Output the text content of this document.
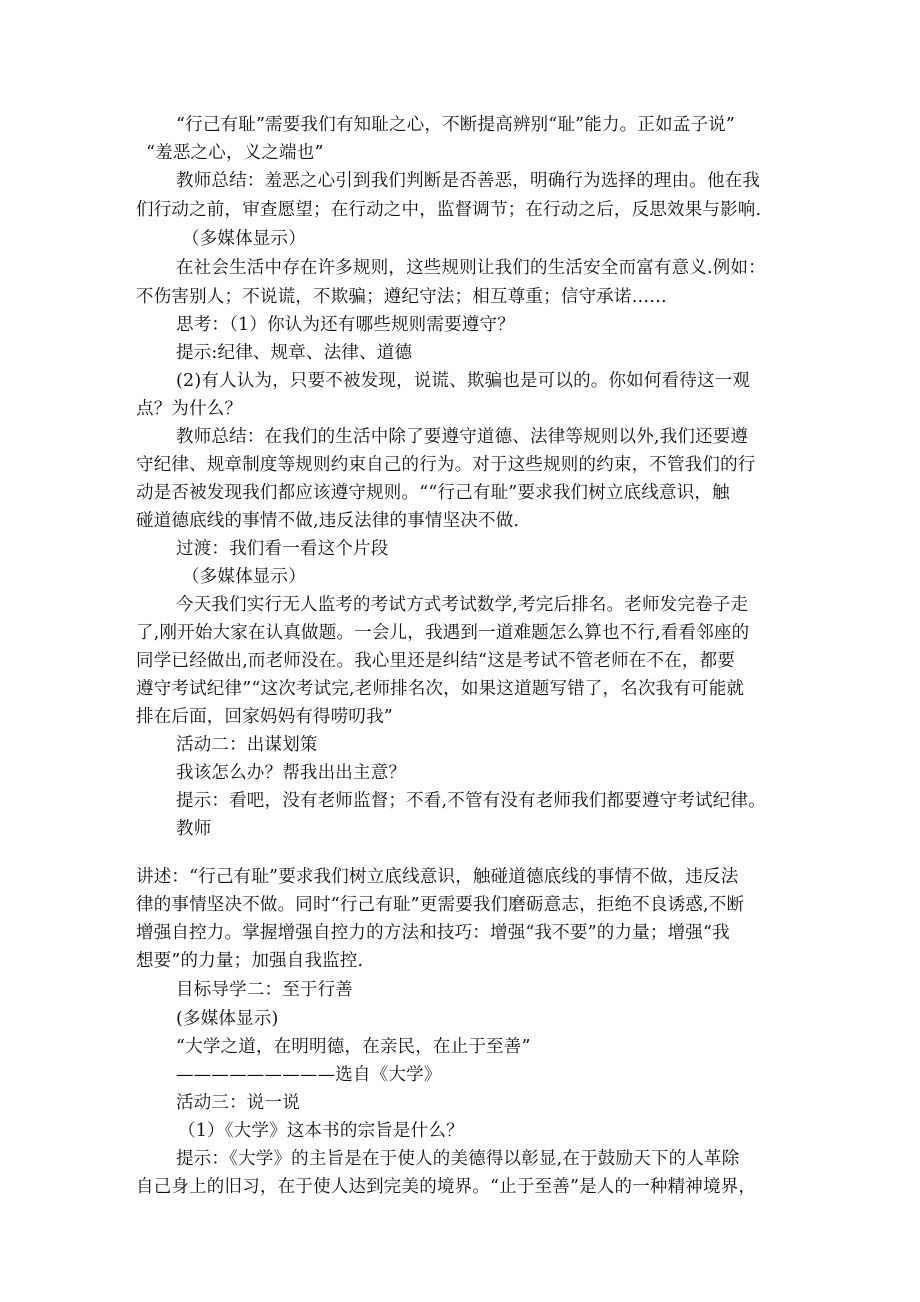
“行己有耻”需要我们有知耻之心，不断提高辨别“耻”能力。正如孟子说”
“羞恶之心，义之端也”
教师总结：羞恶之心引到我们判断是否善恶，明确行为选择的理由。他在我
们行动之前，审查愿望；在行动之中，监督调节；在行动之后，反思效果与影响.
（多媒体显示）
在社会生活中存在许多规则，这些规则让我们的生活安全而富有意义.例如：
不伤害别人；不说谎，不欺骗；遵纪守法；相互尊重；信守承诺……
思考：（1）你认为还有哪些规则需要遵守？
提示:纪律、规章、法律、道德
(2)有人认为，只要不被发现，说谎、欺骗也是可以的。你如何看待这一观
点？为什么？
教师总结：在我们的生活中除了要遵守道德、法律等规则以外,我们还要遵
守纪律、规章制度等规则约束自己的行为。对于这些规则的约束，不管我们的行
动是否被发现我们都应该遵守规则。““行己有耻”要求我们树立底线意识，触
碰道德底线的事情不做,违反法律的事情坚决不做.
过渡：我们看一看这个片段
（多媒体显示）
今天我们实行无人监考的考试方式考试数学,考完后排名。老师发完卷子走
了,刚开始大家在认真做题。一会儿，我遇到一道难题怎么算也不行,看看邻座的
同学已经做出,而老师没在。我心里还是纠结“这是考试不管老师在不在，都要
遵守考试纪律”“这次考试完,老师排名次，如果这道题写错了，名次我有可能就
排在后面，回家妈妈有得唠叨我”
活动二：出谋划策
我该怎么办？帮我出出主意？
提示：看吧，没有老师监督；不看,不管有没有老师我们都要遵守考试纪律。
教师
讲述：“行己有耻”要求我们树立底线意识，触碰道德底线的事情不做，违反法
律的事情坚决不做。同时“行己有耻”更需要我们磨砺意志，拒绝不良诱惑,不断
增强自控力。掌握增强自控力的方法和技巧：增强“我不要”的力量；增强“我
想要”的力量；加强自我监控.
目标导学二：至于行善
(多媒体显示)
“大学之道，在明明德，在亲民，在止于至善”
—————————选自《大学》
活动三：说一说
（1）《大学》这本书的宗旨是什么？
提示：《大学》的主旨是在于使人的美德得以彰显,在于鼓励天下的人革除
自己身上的旧习，在于使人达到完美的境界。“止于至善”是人的一种精神境界，
